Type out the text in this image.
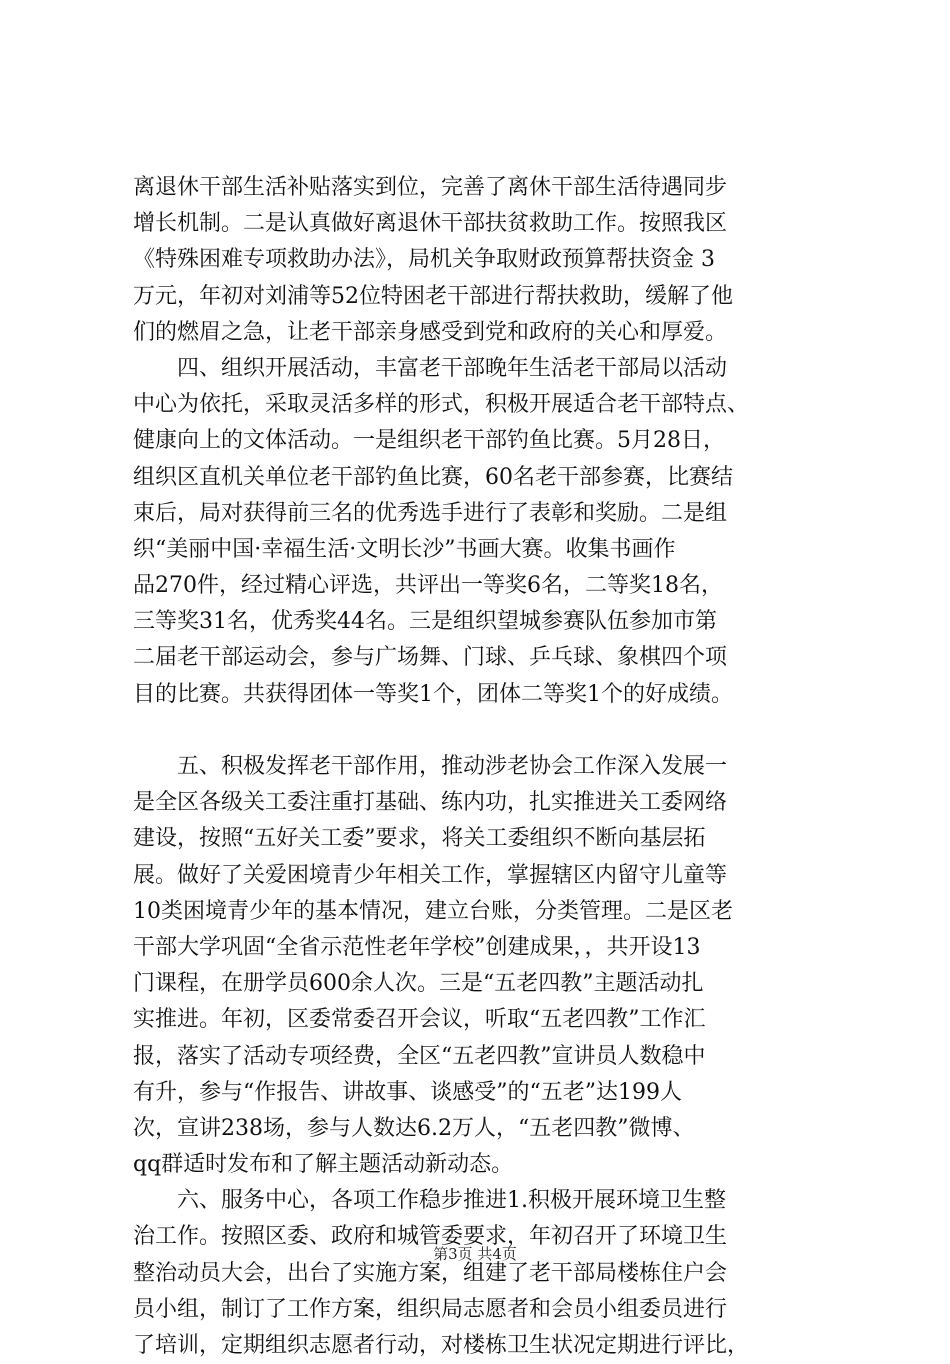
离退休干部生活补贴落实到位，完善了离休干部生活待遇同步
增长机制。二是认真做好离退休干部扶贫救助工作。按照我区
《特殊困难专项救助办法》，局机关争取财政预算帮扶资金 3
万元，年初对刘浦等52位特困老干部进行帮扶救助，缓解了他
们的燃眉之急，让老干部亲身感受到党和政府的关心和厚爱。
　　四、组织开展活动，丰富老干部晚年生活老干部局以活动
中心为依托，采取灵活多样的形式，积极开展适合老干部特点、
健康向上的文体活动。一是组织老干部钓鱼比赛。5月28日，
组织区直机关单位老干部钓鱼比赛，60名老干部参赛，比赛结
束后，局对获得前三名的优秀选手进行了表彰和奖励。二是组
织“美丽中国·幸福生活·文明长沙”书画大赛。收集书画作
品270件，经过精心评选，共评出一等奖6名，二等奖18名，
三等奖31名，优秀奖44名。三是组织望城参赛队伍参加市第
二届老干部运动会，参与广场舞、门球、乒乓球、象棋四个项
目的比赛。共获得团体一等奖1个，团体二等奖1个的好成绩。
　　五、积极发挥老干部作用，推动涉老协会工作深入发展一
是全区各级关工委注重打基础、练内功，扎实推进关工委网络
建设，按照“五好关工委”要求，将关工委组织不断向基层拓
展。做好了关爱困境青少年相关工作，掌握辖区内留守儿童等
10类困境青少年的基本情况，建立台账，分类管理。二是区老
干部大学巩固“全省示范性老年学校”创建成果，，共开设13
门课程，在册学员600余人次。三是“五老四教”主题活动扎
实推进。年初，区委常委召开会议，听取“五老四教”工作汇
报，落实了活动专项经费，全区“五老四教”宣讲员人数稳中
有升，参与“作报告、讲故事、谈感受”的“五老”达199人
次，宣讲238场，参与人数达6.2万人，“五老四教”微博、
qq群适时发布和了解主题活动新动态。
　　六、服务中心，各项工作稳步推进1.积极开展环境卫生整
治工作。按照区委、政府和城管委要求，年初召开了环境卫生
整治动员大会，出台了实施方案，组建了老干部局楼栋住户会
员小组，制订了工作方案，组织局志愿者和会员小组委员进行
了培训，定期组织志愿者行动，对楼栋卫生状况定期进行评比，
第3页 共4页
